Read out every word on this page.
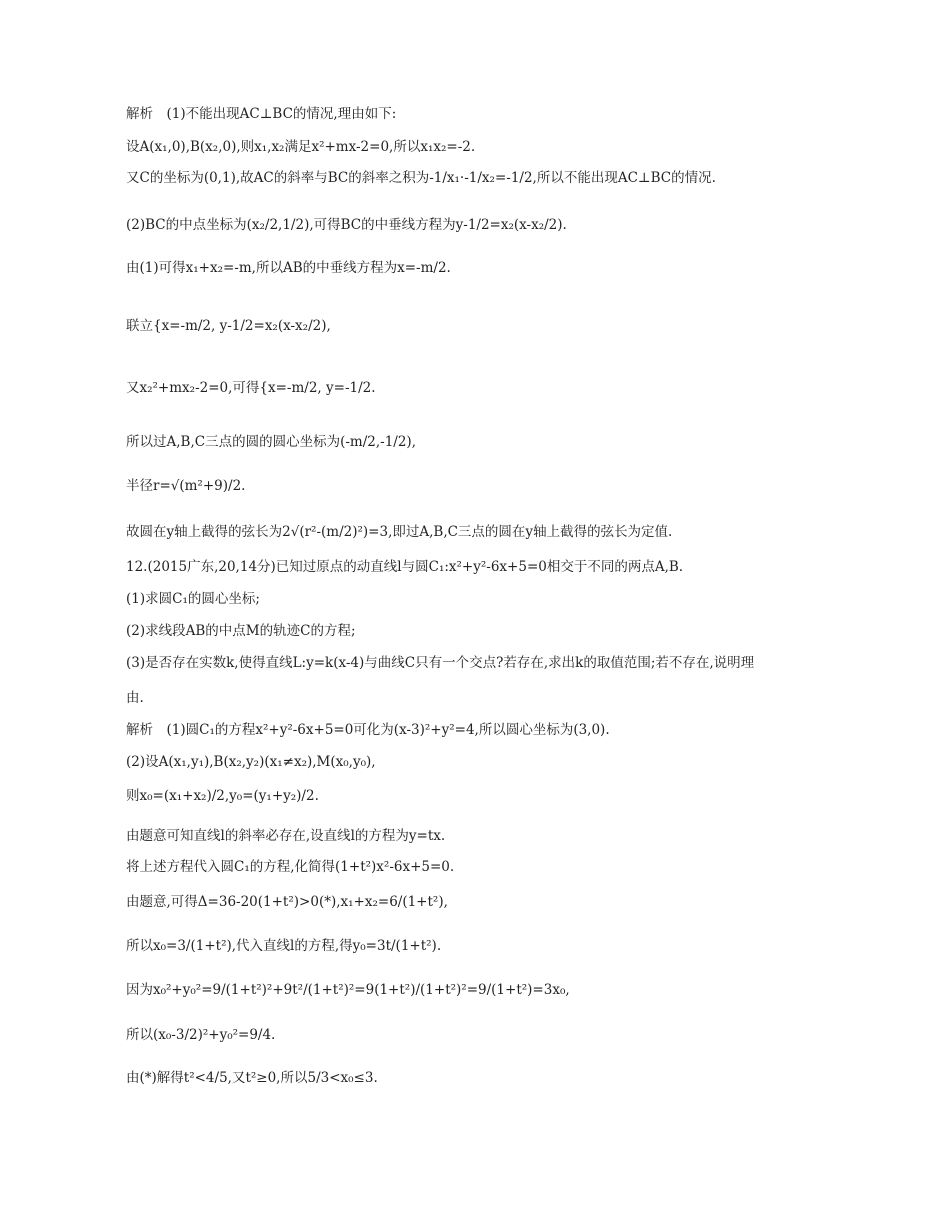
解析　(1)不能出现AC⊥BC的情况,理由如下:
设A(x₁,0),B(x₂,0),则x₁,x₂满足x²+mx-2=0,所以x₁x₂=-2.
又C的坐标为(0,1),故AC的斜率与BC的斜率之积为-1/x₁·-1/x₂=-1/2,所以不能出现AC⊥BC的情况.
(2)BC的中点坐标为(x₂/2,1/2),可得BC的中垂线方程为y-1/2=x₂(x-x₂/2).
由(1)可得x₁+x₂=-m,所以AB的中垂线方程为x=-m/2.
联立{x=-m/2, y-1/2=x₂(x-x₂/2),
又x₂²+mx₂-2=0,可得{x=-m/2, y=-1/2.
所以过A,B,C三点的圆的圆心坐标为(-m/2,-1/2),
半径r=√(m²+9)/2.
故圆在y轴上截得的弦长为2√(r²-(m/2)²)=3,即过A,B,C三点的圆在y轴上截得的弦长为定值.
12.(2015广东,20,14分)已知过原点的动直线l与圆C₁:x²+y²-6x+5=0相交于不同的两点A,B.
(1)求圆C₁的圆心坐标;
(2)求线段AB的中点M的轨迹C的方程;
(3)是否存在实数k,使得直线L:y=k(x-4)与曲线C只有一个交点?若存在,求出k的取值范围;若不存在,说明理
由.
解析　(1)圆C₁的方程x²+y²-6x+5=0可化为(x-3)²+y²=4,所以圆心坐标为(3,0).
(2)设A(x₁,y₁),B(x₂,y₂)(x₁≠x₂),M(x₀,y₀),
则x₀=(x₁+x₂)/2,y₀=(y₁+y₂)/2.
由题意可知直线l的斜率必存在,设直线l的方程为y=tx.
将上述方程代入圆C₁的方程,化简得(1+t²)x²-6x+5=0.
由题意,可得Δ=36-20(1+t²)>0(*),x₁+x₂=6/(1+t²),
所以x₀=3/(1+t²),代入直线l的方程,得y₀=3t/(1+t²).
因为x₀²+y₀²=9/(1+t²)²+9t²/(1+t²)²=9(1+t²)/(1+t²)²=9/(1+t²)=3x₀,
所以(x₀-3/2)²+y₀²=9/4.
由(*)解得t²<4/5,又t²≥0,所以5/3<x₀≤3.
